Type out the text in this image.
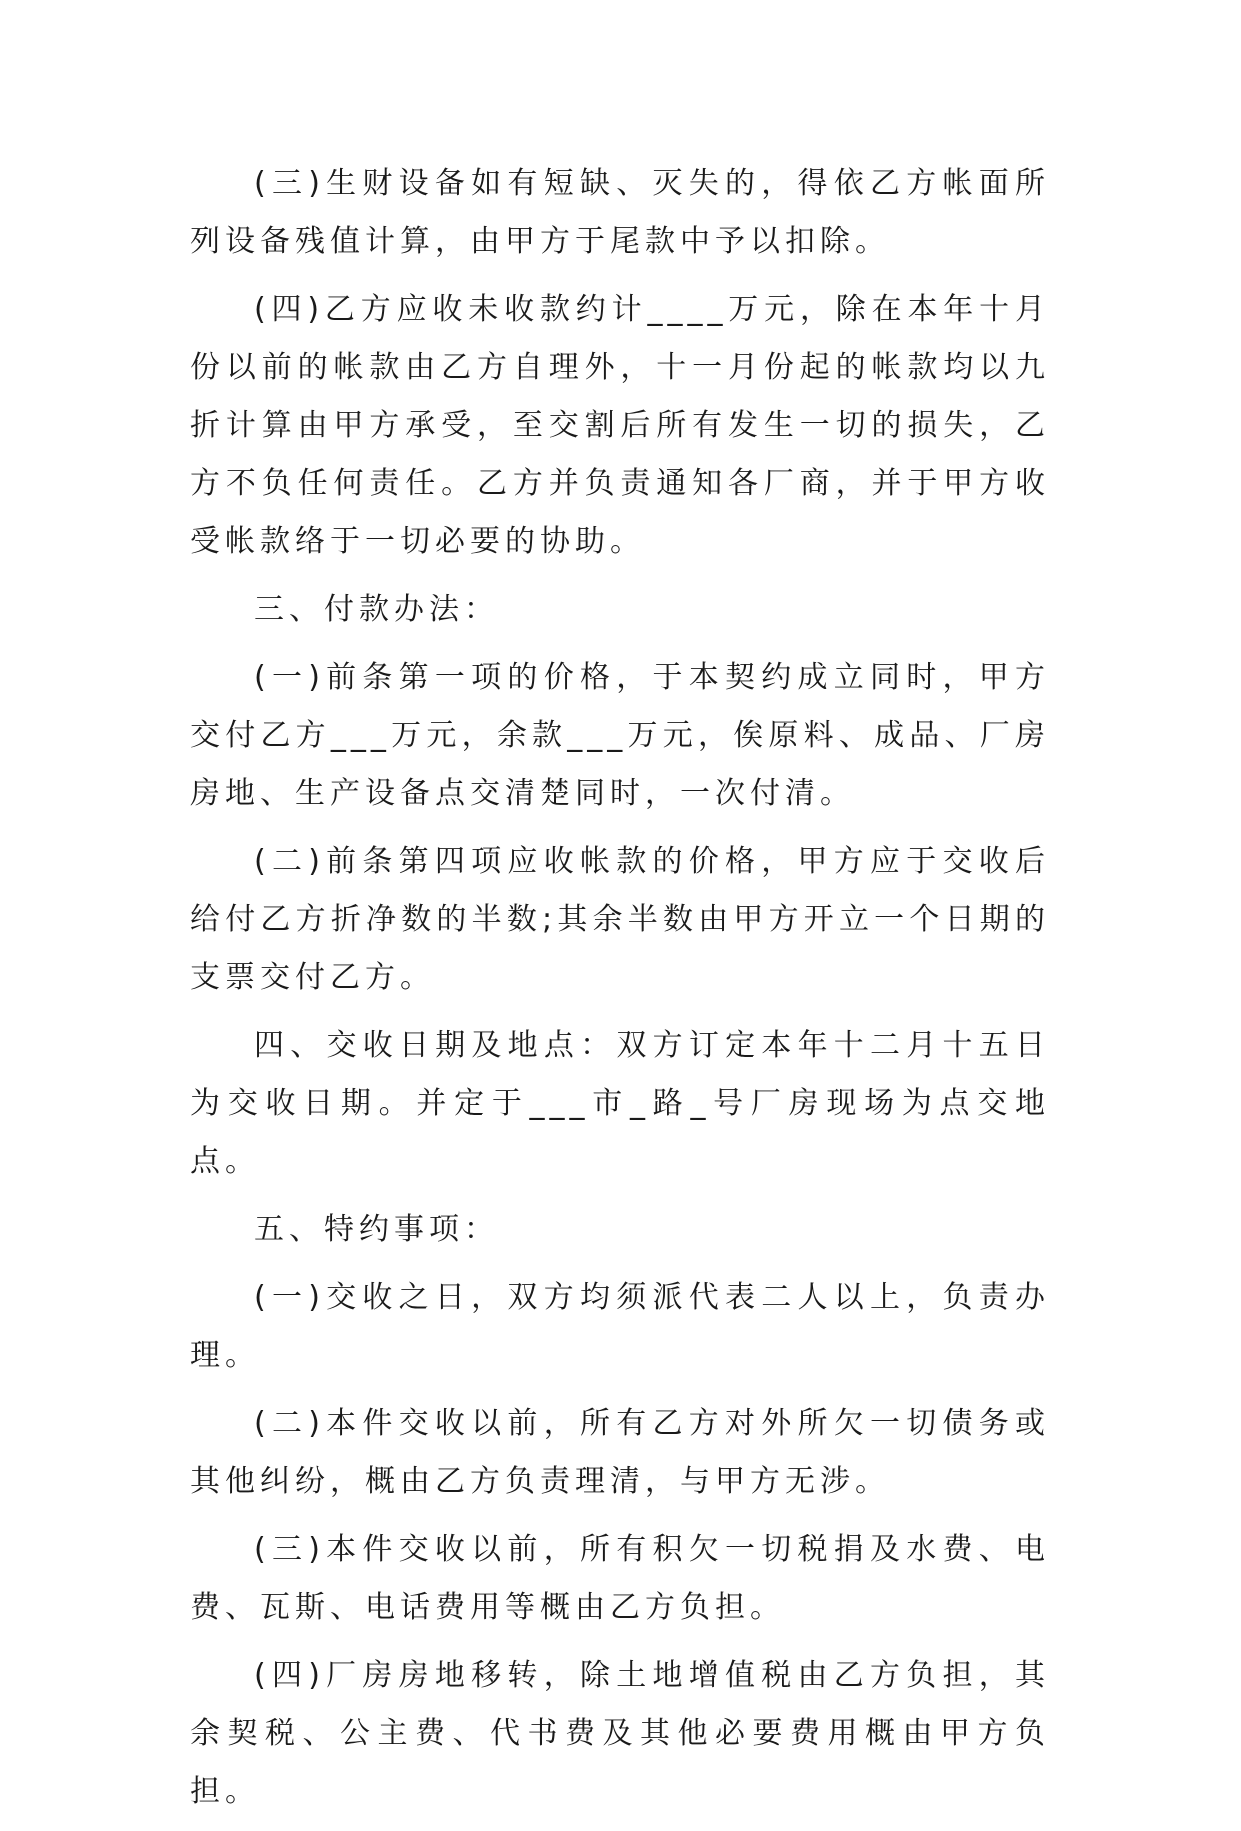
(三)生财设备如有短缺、灭失的，得依乙方帐面所列设备残值计算，由甲方于尾款中予以扣除。

(四)乙方应收未收款约计____万元，除在本年十月份以前的帐款由乙方自理外，十一月份起的帐款均以九折计算由甲方承受，至交割后所有发生一切的损失，乙方不负任何责任。乙方并负责通知各厂商，并于甲方收受帐款络于一切必要的协助。

三、付款办法：

(一)前条第一项的价格，于本契约成立同时，甲方交付乙方___万元，余款___万元，俟原料、成品、厂房房地、生产设备点交清楚同时，一次付清。

(二)前条第四项应收帐款的价格，甲方应于交收后给付乙方折净数的半数;其余半数由甲方开立一个日期的支票交付乙方。

四、交收日期及地点：双方订定本年十二月十五日为交收日期。并定于___市_路_号厂房现场为点交地点。

五、特约事项：

(一)交收之日，双方均须派代表二人以上，负责办理。

(二)本件交收以前，所有乙方对外所欠一切债务或其他纠纷，概由乙方负责理清，与甲方无涉。

(三)本件交收以前，所有积欠一切税捐及水费、电费、瓦斯、电话费用等概由乙方负担。

(四)厂房房地移转，除土地增值税由乙方负担，其余契税、公主费、代书费及其他必要费用概由甲方负担。
